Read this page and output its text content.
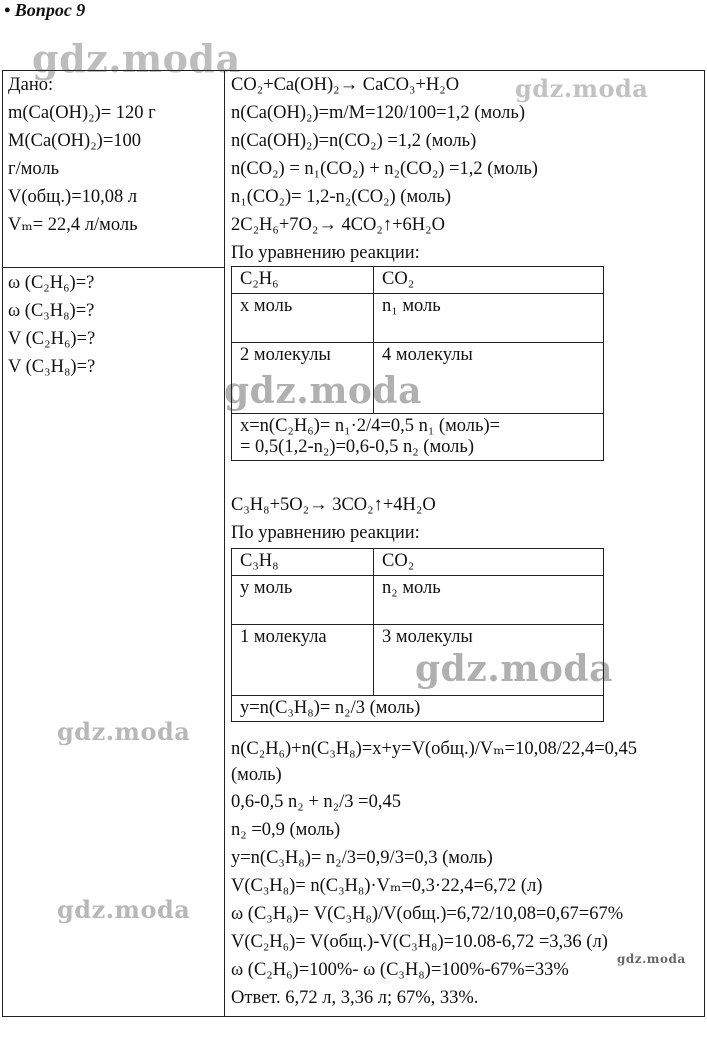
• Вопрос 9
gdz.moda
gdz.moda
gdz.moda
gdz.moda
gdz.moda
gdz.moda
gdz.moda
Дано:
m(Ca(OH)₂)= 120 г
M(Ca(OH)₂)=100
г/моль
V(общ.)=10,08 л
Vₘ= 22,4 л/моль
ω (C₂H₆)=?
ω (C₃H₈)=?
V (C₂H₆)=?
V (C₃H₈)=?
CO₂+Ca(OH)₂→ CaCO₃+H₂O
n(Ca(OH)₂)=m/M=120/100=1,2 (моль)
n(Ca(OH)₂)=n(CO₂) =1,2 (моль)
n(CO₂) = n₁(CO₂) + n₂(CO₂) =1,2 (моль)
n₁(CO₂)= 1,2-n₂(CO₂) (моль)
2C₂H₆+7O₂→ 4CO₂↑+6H₂O
По уравнению реакции:
C₂H₆	CO₂
x моль	n₁ моль
2 молекулы	4 молекулы

x=n(C₂H₆)= n₁·2/4=0,5 n₁ (моль)=
= 0,5(1,2-n₂)=0,6-0,5 n₂ (моль)	
C₃H₈+5O₂→ 3CO₂↑+4H₂O
По уравнению реакции:
C₃H₈	CO₂
y моль	n₂ моль
1 молекула	3 молекулы

y=n(C₃H₈)= n₂/3 (моль)	
n(C₂H₆)+n(C₃H₈)=x+y=V(общ.)/Vₘ=10,08/22,4=0,45
(моль)
0,6-0,5 n₂ + n₂/3 =0,45
n₂ =0,9 (моль)
y=n(C₃H₈)= n₂/3=0,9/3=0,3 (моль)
V(C₃H₈)= n(C₃H₈)·Vₘ=0,3·22,4=6,72 (л)
ω (C₃H₈)= V(C₃H₈)/V(общ.)=6,72/10,08=0,67=67%
V(C₂H₆)= V(общ.)-V(C₃H₈)=10.08-6,72 =3,36 (л)
ω (C₂H₆)=100%- ω (C₃H₈)=100%-67%=33%
Ответ. 6,72 л, 3,36 л; 67%, 33%.
